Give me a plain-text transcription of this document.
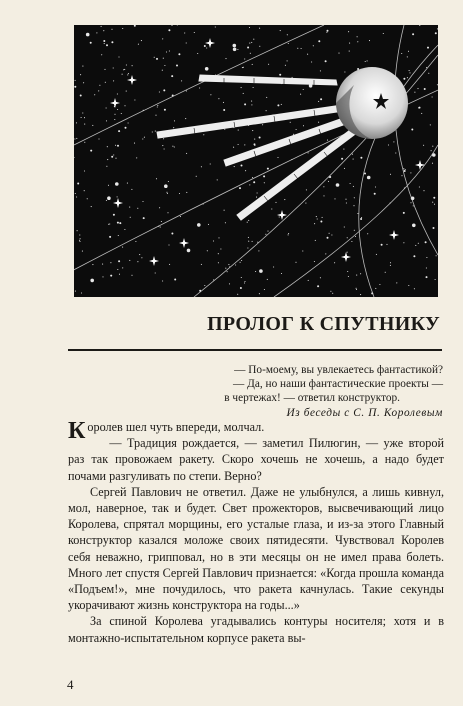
ПРОЛОГ К СПУТНИКУ
— По-моему, вы увлекаетесь фантастикой?
— Да, но наши фантастические проекты —
в чертежах! — ответил конструктор.
Из беседы с С. П. Королевым

Королев шел чуть впереди, молчал.

— Традиция рождается, — заметил Пилюгин, — уже второй раз так провожаем ракету. Скоро хочешь не хочешь, а надо будет почами разгуливать по степи. Верно?

Сергей Павлович не ответил. Даже не улыбнулся, а лишь кивнул, мол, наверное, так и будет. Свет прожекторов, высвечивающий лицо Королева, спрятал морщины, его усталые глаза, и из-за этого Главный конструктор казался моложе своих пятидесяти. Чувствовал Королев себя неважно, грипповал, но в эти месяцы он не имел права болеть. Много лет спустя Сергей Павлович признается: «Когда прошла команда «Подъем!», мне почудилось, что ракета качнулась. Такие секунды укорачивают жизнь конструктора на годы...»

За спиной Королева угадывались контуры носителя; хотя и в монтажно-испытательном корпусе ракета вы-

4
